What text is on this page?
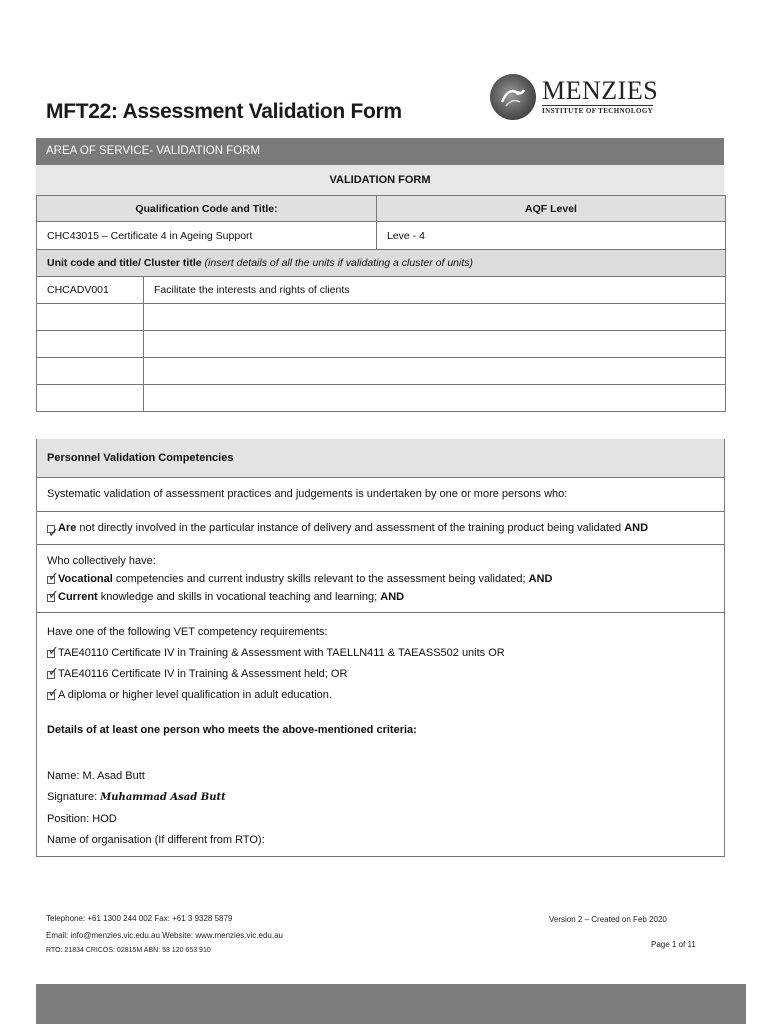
MFT22: Assessment Validation Form
MENZIES
INSTITUTE OF TECHNOLOGY
AREA OF SERVICE- VALIDATION FORM
VALIDATION FORM
Qualification Code and Title:		AQF Level
CHC43015 – Certificate 4 in Ageing Support		Leve - 4
Unit code and title/ Cluster title (insert details of all the units if validating a cluster of units)		
CHCADV001	Facilitate the interests and rights of clients	

Personnel Validation Competencies
Systematic validation of assessment practices and judgements is undertaken by one or more persons who:
✓ Are not directly involved in the particular instance of delivery and assessment of the training product being validated AND
Who collectively have:
✓ Vocational competencies and current industry skills relevant to the assessment being validated; AND
✓ Current knowledge and skills in vocational teaching and learning; AND
Have one of the following VET competency requirements:
✓ TAE40110 Certificate IV in Training & Assessment with TAELLN411 & TAEASS502 units OR
✓ TAE40116 Certificate IV in Training & Assessment held; OR
✓ A diploma or higher level qualification in adult education.
Details of at least one person who meets the above-mentioned criteria:
Name: M. Asad Butt
Signature: Muhammad Asad Butt
Position: HOD
Name of organisation (If different from RTO):
Telephone: +61 1300 244 002 Fax: +61 3 9328 5879
Email: info@menzies.vic.edu.au Website: www.menzies.vic.edu.au
RTO: 21834 CRICOS: 02815M ABN: 53 120 653 910
Version 2 – Created on Feb 2020
Page 1 of 11
